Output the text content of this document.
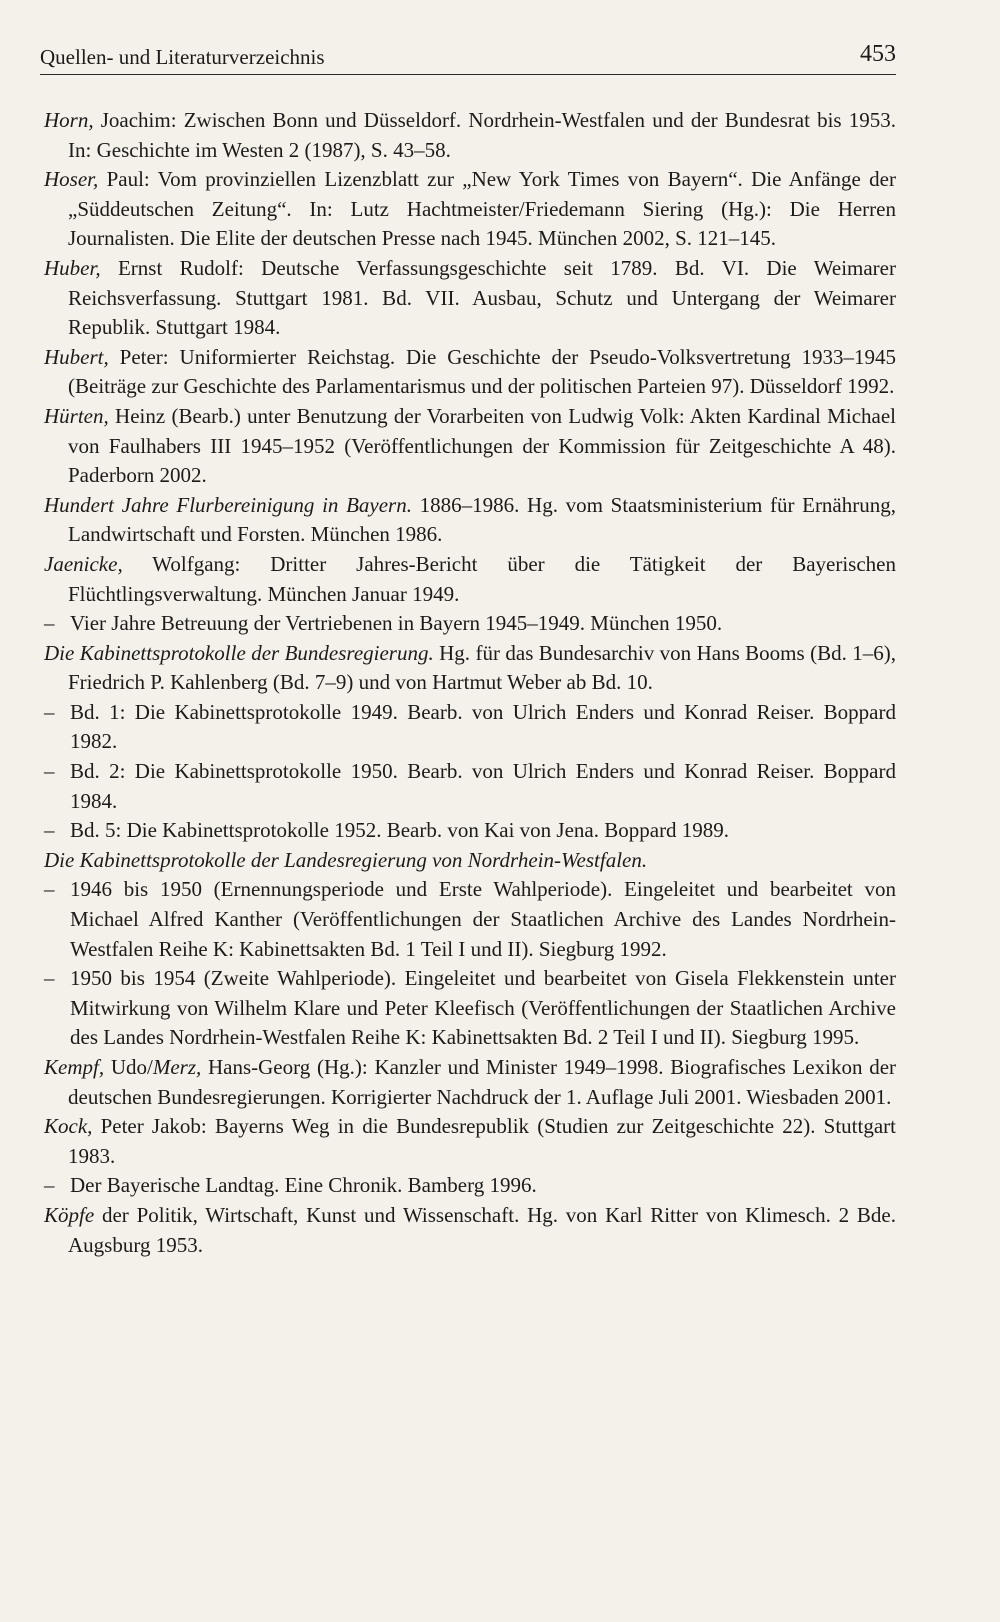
Quellen- und Literaturverzeichnis	453

Horn, Joachim: Zwischen Bonn und Düsseldorf. Nordrhein-Westfalen und der Bundesrat bis 1953. In: Geschichte im Westen 2 (1987), S. 43–58.

Hoser, Paul: Vom provinziellen Lizenzblatt zur „New York Times von Bayern“. Die Anfänge der „Süddeutschen Zeitung“. In: Lutz Hachtmeister/Friedemann Siering (Hg.): Die Herren Journalisten. Die Elite der deutschen Presse nach 1945. München 2002, S. 121–145.

Huber, Ernst Rudolf: Deutsche Verfassungsgeschichte seit 1789. Bd. VI. Die Weimarer Reichsverfassung. Stuttgart 1981. Bd. VII. Ausbau, Schutz und Untergang der Weimarer Republik. Stuttgart 1984.

Hubert, Peter: Uniformierter Reichstag. Die Geschichte der Pseudo-Volksvertretung 1933–1945 (Beiträge zur Geschichte des Parlamentarismus und der politischen Parteien 97). Düsseldorf 1992.

Hürten, Heinz (Bearb.) unter Benutzung der Vorarbeiten von Ludwig Volk: Akten Kardinal Michael von Faulhabers III 1945–1952 (Veröffentlichungen der Kommission für Zeitgeschichte A 48). Paderborn 2002.

Hundert Jahre Flurbereinigung in Bayern. 1886–1986. Hg. vom Staatsministerium für Ernährung, Landwirtschaft und Forsten. München 1986.

Jaenicke, Wolfgang: Dritter Jahres-Bericht über die Tätigkeit der Bayerischen Flüchtlingsverwaltung. München Januar 1949.

– Vier Jahre Betreuung der Vertriebenen in Bayern 1945–1949. München 1950.

Die Kabinettsprotokolle der Bundesregierung. Hg. für das Bundesarchiv von Hans Booms (Bd. 1–6), Friedrich P. Kahlenberg (Bd. 7–9) und von Hartmut Weber ab Bd. 10.

– Bd. 1: Die Kabinettsprotokolle 1949. Bearb. von Ulrich Enders und Konrad Reiser. Boppard 1982.

– Bd. 2: Die Kabinettsprotokolle 1950. Bearb. von Ulrich Enders und Konrad Reiser. Boppard 1984.

– Bd. 5: Die Kabinettsprotokolle 1952. Bearb. von Kai von Jena. Boppard 1989.

Die Kabinettsprotokolle der Landesregierung von Nordrhein-Westfalen.

– 1946 bis 1950 (Ernennungsperiode und Erste Wahlperiode). Eingeleitet und bearbeitet von Michael Alfred Kanther (Veröffentlichungen der Staatlichen Archive des Landes Nordrhein-Westfalen Reihe K: Kabinettsakten Bd. 1 Teil I und II). Siegburg 1992.

– 1950 bis 1954 (Zweite Wahlperiode). Eingeleitet und bearbeitet von Gisela Flekkenstein unter Mitwirkung von Wilhelm Klare und Peter Kleefisch (Veröffentlichungen der Staatlichen Archive des Landes Nordrhein-Westfalen Reihe K: Kabinettsakten Bd. 2 Teil I und II). Siegburg 1995.

Kempf, Udo/Merz, Hans-Georg (Hg.): Kanzler und Minister 1949–1998. Biografisches Lexikon der deutschen Bundesregierungen. Korrigierter Nachdruck der 1. Auflage Juli 2001. Wiesbaden 2001.

Kock, Peter Jakob: Bayerns Weg in die Bundesrepublik (Studien zur Zeitgeschichte 22). Stuttgart 1983.

– Der Bayerische Landtag. Eine Chronik. Bamberg 1996.

Köpfe der Politik, Wirtschaft, Kunst und Wissenschaft. Hg. von Karl Ritter von Klimesch. 2 Bde. Augsburg 1953.
